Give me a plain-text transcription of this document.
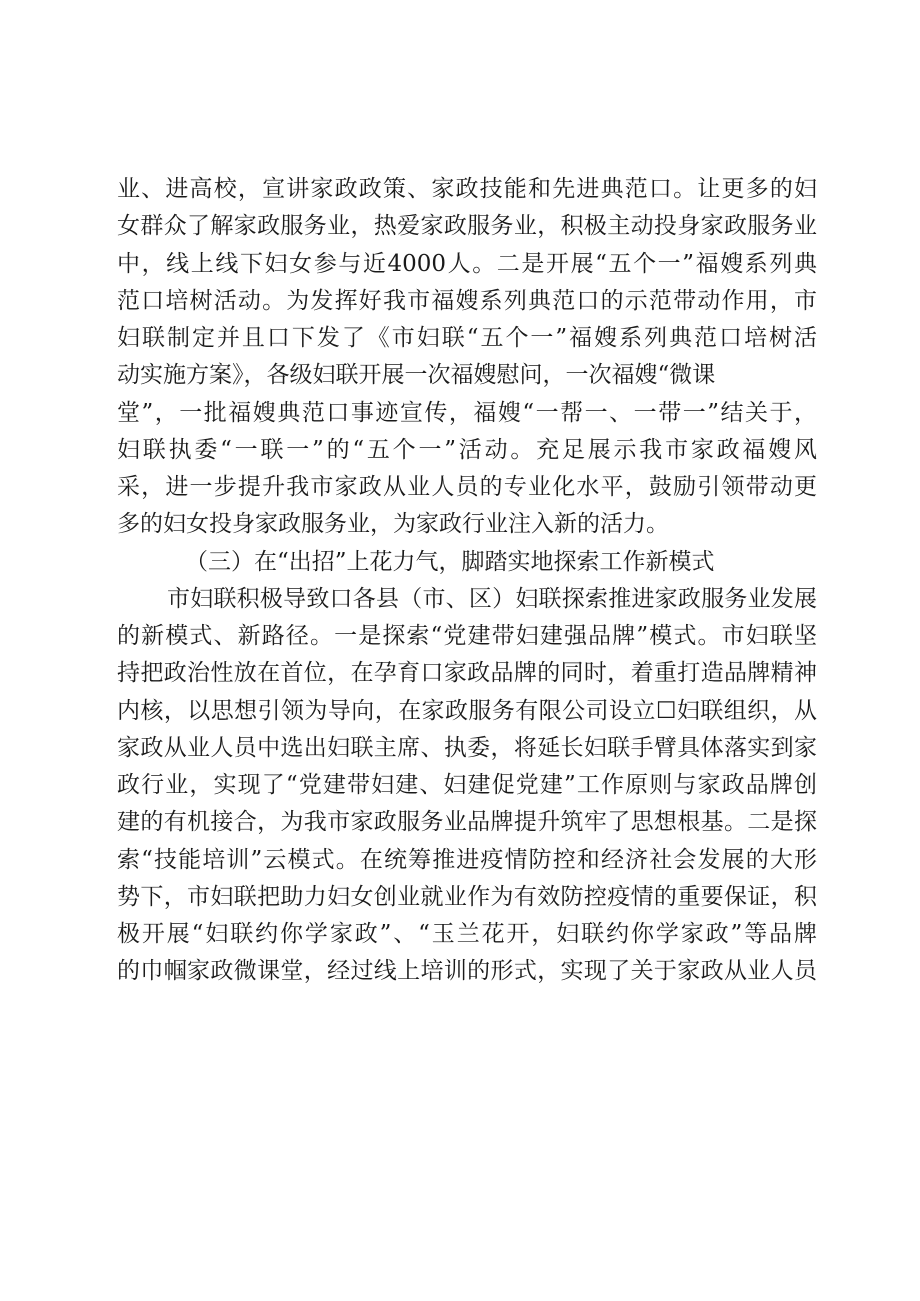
业、进高校，宣讲家政政策、家政技能和先进典范口。让更多的妇
女群众了解家政服务业，热爱家政服务业，积极主动投身家政服务业
中，线上线下妇女参与近4000人。二是开展“五个一”福嫂系列典
范口培树活动。为发挥好我市福嫂系列典范口的示范带动作用，市
妇联制定并且口下发了《市妇联“五个一”福嫂系列典范口培树活
动实施方案》，各级妇联开展一次福嫂慰问，一次福嫂“微课
堂”，一批福嫂典范口事迹宣传，福嫂“一帮一、一带一”结关于，
妇联执委“一联一”的“五个一”活动。充足展示我市家政福嫂风
采，进一步提升我市家政从业人员的专业化水平，鼓励引领带动更
多的妇女投身家政服务业，为家政行业注入新的活力。
（三）在“出招”上花力气，脚踏实地探索工作新模式
市妇联积极导致口各县（市、区）妇联探索推进家政服务业发展
的新模式、新路径。一是探索“党建带妇建强品牌”模式。市妇联坚
持把政治性放在首位，在孕育口家政品牌的同时，着重打造品牌精神
内核，以思想引领为导向，在家政服务有限公司设立☐妇联组织，从
家政从业人员中选出妇联主席、执委，将延长妇联手臂具体落实到家
政行业，实现了“党建带妇建、妇建促党建”工作原则与家政品牌创
建的有机接合，为我市家政服务业品牌提升筑牢了思想根基。二是探
索“技能培训”云模式。在统筹推进疫情防控和经济社会发展的大形
势下，市妇联把助力妇女创业就业作为有效防控疫情的重要保证，积
极开展“妇联约你学家政”、“玉兰花开，妇联约你学家政”等品牌
的巾帼家政微课堂，经过线上培训的形式，实现了关于家政从业人员
